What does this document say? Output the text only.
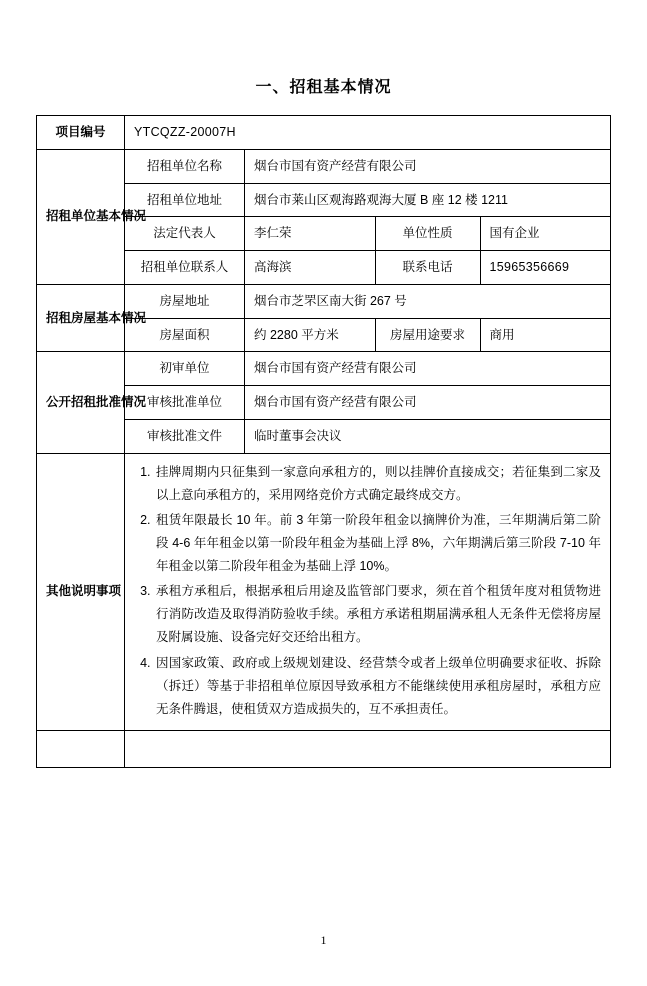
一、招租基本情况
项目编号	YTCQZZ-20007H			
招租单位基本情况	招租单位名称	烟台市国有资产经营有限公司		
	招租单位地址	烟台市莱山区观海路观海大厦 B 座 12 楼 1211		
	法定代表人	李仁荣	单位性质	国有企业
	招租单位联系人	高海滨	联系电话	15965356669
招租房屋基本情况	房屋地址	烟台市芝罘区南大街 267 号		
	房屋面积	约 2280 平方米	房屋用途要求	商用
公开招租批准情况	初审单位	烟台市国有资产经营有限公司		
	审核批准单位	烟台市国有资产经营有限公司		
	审核批准文件	临时董事会决议		
其他说明事项	
1. 挂牌周期内只征集到一家意向承租方的，则以挂牌价直接成交；若征集到二家及以上意向承租方的，采用网络竞价方式确定最终成交方。
2. 租赁年限最长 10 年。前 3 年第一阶段年租金以摘牌价为准，三年期满后第二阶段 4-6 年年租金以第一阶段年租金为基础上浮 8%，六年期满后第三阶段 7-10 年年租金以第二阶段年租金为基础上浮 10%。
3. 承租方承租后，根据承租后用途及监管部门要求，须在首个租赁年度对租赁物进行消防改造及取得消防验收手续。承租方承诺租期届满承租人无条件无偿将房屋及附属设施、设备完好交还给出租方。
4. 因国家政策、政府或上级规划建设、经营禁令或者上级单位明确要求征收、拆除（拆迁）等基于非招租单位原因导致承租方不能继续使用承租房屋时，承租方应无条件腾退，使租赁双方造成损失的，互不承担责任。

1
